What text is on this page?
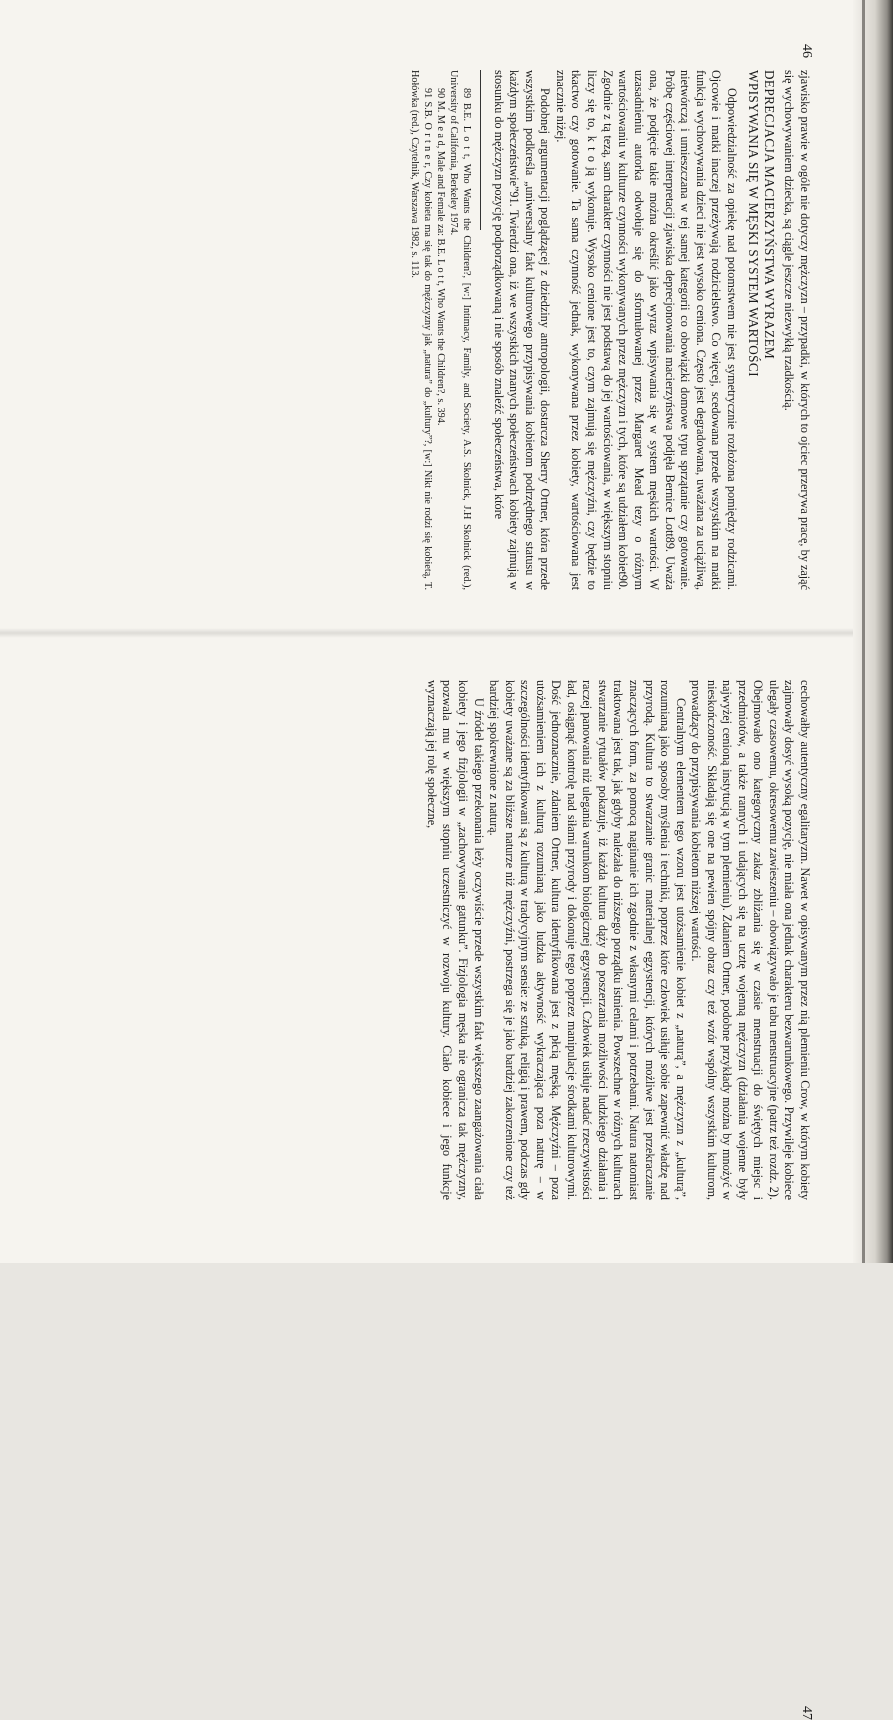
46

zjawisko prawie w ogóle nie dotyczy mężczyzn – przypadki, w których to ojciec przerywa pracę, by zająć się wychowywaniem dziecka, są ciągle jeszcze niezwykłą rzadkością.

DEPRECJACJA MACIERZYŃSTWA WYRAZEM
WPISYWANIA SIĘ W MĘSKI SYSTEM WARTOŚCI

Odpowiedzialność za opiekę nad potomstwem nie jest symetrycznie rozłożona pomiędzy rodzicami. Ojcowie i matki inaczej przeżywają rodzicielstwo. Co więcej, scedowana przede wszystkim na matki funkcja wychowywania dzieci nie jest wysoko ceniona. Często jest degradowana, uważana za uciążliwą, nietwórczą i umieszczana w tej samej kategorii co obowiązki domowe typu sprzątanie czy gotowanie. Próbę częściowej interpretacji zjawiska deprecjonowania macierzyństwa podjęła Bernice Lott89. Uważa ona, że podjęcie takie można określić jako wyraz wpisywania się w system męskich wartości. W uzasadnieniu autorka odwołuje się do sformułowanej przez Margaret Mead tezy o różnym wartościowaniu w kulturze czynności wykonywanych przez mężczyzn i tych, które są udziałem kobiet90. Zgodnie z tą tezą, sam charakter czynności nie jest podstawą do jej wartościowania, w większym stopniu liczy się to, k t o ją wykonuje. Wysoko cenione jest to, czym zajmują się mężczyźni, czy będzie to tkactwo czy gotowanie. Ta sama czynność jednak, wykonywana przez kobiety, wartościowana jest znacznie niżej.

Podobnej argumentacji poglądzącej z dziedziny antropologii, dostarcza Sherry Ortner, która przede wszystkim podkreśla „uniwersalny fakt kulturowego przypisywania kobietom podrzędnego statusu w każdym społeczeństwie”91. Twierdzi ona, iż we wszystkich znanych społeczeństwach kobiety zajmują w stosunku do mężczyzn pozycję podporządkowaną i nie sposób znaleźć społeczeństwa, które

89 B.E. L o t t, Who Wants the Children?, [w:] Intimacy, Family, and Society, A.S. Skolnick, J.H Skolnick (red.), University of California, Berkeley 1974.

90 M. M e a d, Male and Female za: B.E. L o t t, Who Wants the Children?, s. 394.

91 S.B. O r t n e r, Czy kobieta ma się tak do mężczyzny jak „natura” do „kultury”?, [w:] Nikt nie rodzi się kobietą, T. Hołówka (red.), Czytelnik, Warszawa 1982, s. 113.

cechowałby autentyczny egalitaryzm. Nawet w opisywanym przez nią plemieniu Crow, w którym kobiety zajmowały dosyć wysoką pozycję, nie miała ona jednak charakteru bezwarunkowego. Przywileje kobiece ulegały czasowemu, okresowemu zawieszeniu – obowiązywało je tabu menstruacyjne (patrz też rozdz. 2). Obejmowało ono kategoryczny zakaz zbliżania się w czasie menstruacji do świętych miejsc i przedmiotów, a także rannych i udających się na ucztę wojenną mężczyzn (działania wojenne były najwyżej cenioną instytucją w tym plemieniu). Zdaniem Ortner, podobne przykłady można by mnożyć w nieskończoność. Składają się one na pewien spójny obraz czy też wzór wspólny wszystkim kulturom, prowadzący do przypisywania kobietom niższej wartości.

Centralnym elementem tego wzoru jest utożsamienie kobiet z „naturą”, a mężczyzn z „kulturą”, rozumianą jako sposoby myślenia i techniki, poprzez które człowiek usiłuje sobie zapewnić władzę nad przyrodą. Kultura to stwarzanie granic materialnej egzystencji, których możliwe jest przekraczanie znaczących form, za pomocą naginanie ich zgodnie z własnymi celami i potrzebami. Natura natomiast traktowana jest tak, jak gdyby należała do niższego porządku istnienia. Powszechne w różnych kulturach stwarzanie rytuałów pokazuje, iż każda kultura dąży do poszerzania możliwości ludzkiego działania i raczej panowania niż ulegania warunkom biologicznej egzystencji. Człowiek usiłuje nadać rzeczywistości ład, osiągnąć kontrolę nad siłami przyrody i dokonuje tego poprzez manipulacje środkami kulturowymi. Dość jednoznacznie, zdaniem Ortner, kultura identyfikowana jest z płcią męską. Mężczyźni – poza utożsamieniem ich z kulturą rozumianą jako ludzka aktywność wykraczająca poza naturę – w szczególności identyfikowani są z kulturą w tradycyjnym sensie: ze sztuką, religią i prawem, podczas gdy kobiety uważane są za bliższe naturze niż mężczyźni, postrzega się je jako bardziej zakorzenione czy też bardziej spokrewnione z naturą.

U źródeł takiego przekonania leży oczywiście przede wszystkim fakt większego zaangażowania ciała kobiety i jego fizjologii w „zachowywanie gatunku”. Fizjologia męska nie ogranicza tak mężczyzny, pozwala mu w większym stopniu uczestniczyć w rozwoju kultury. Ciało kobiece i jego funkcje wyznaczają jej rolę społeczne,

47
